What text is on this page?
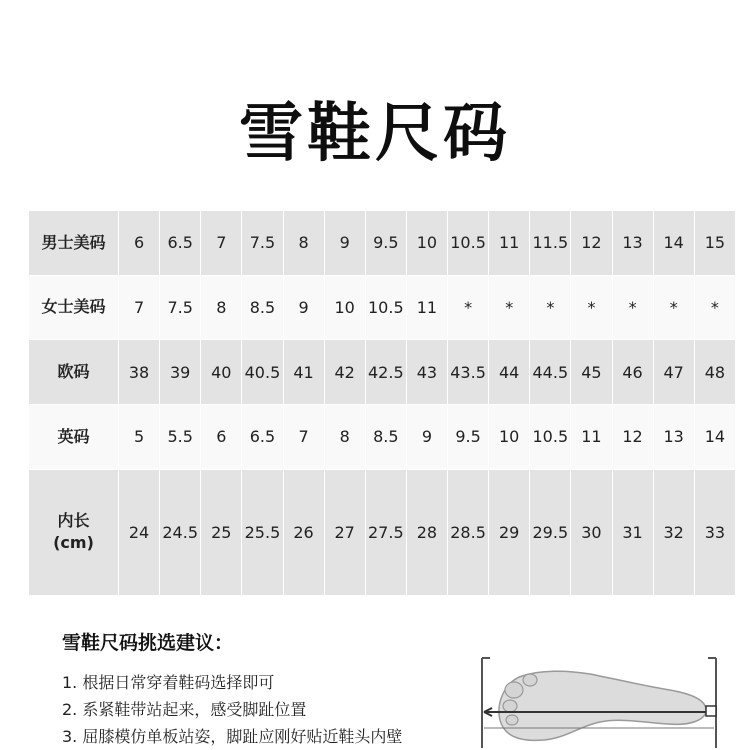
雪鞋尺码
男士美码	6	6.5	7	7.5	8	9	9.5	10	10.5	11	11.5	12	13	14	15
女士美码	7	7.5	8	8.5	9	10	10.5	11	*	*	*	*	*	*	*
欧码	38	39	40	40.5	41	42	42.5	43	43.5	44	44.5	45	46	47	48
英码	5	5.5	6	6.5	7	8	8.5	9	9.5	10	10.5	11	12	13	14

内长
(cm)	24	24.5	25	25.5	26	27	27.5	28	28.5	29	29.5	30	31	32	33
雪鞋尺码挑选建议：
1. 根据日常穿着鞋码选择即可
2. 系紧鞋带站起来，感受脚趾位置
3. 屈膝模仿单板站姿，脚趾应刚好贴近鞋头内壁
